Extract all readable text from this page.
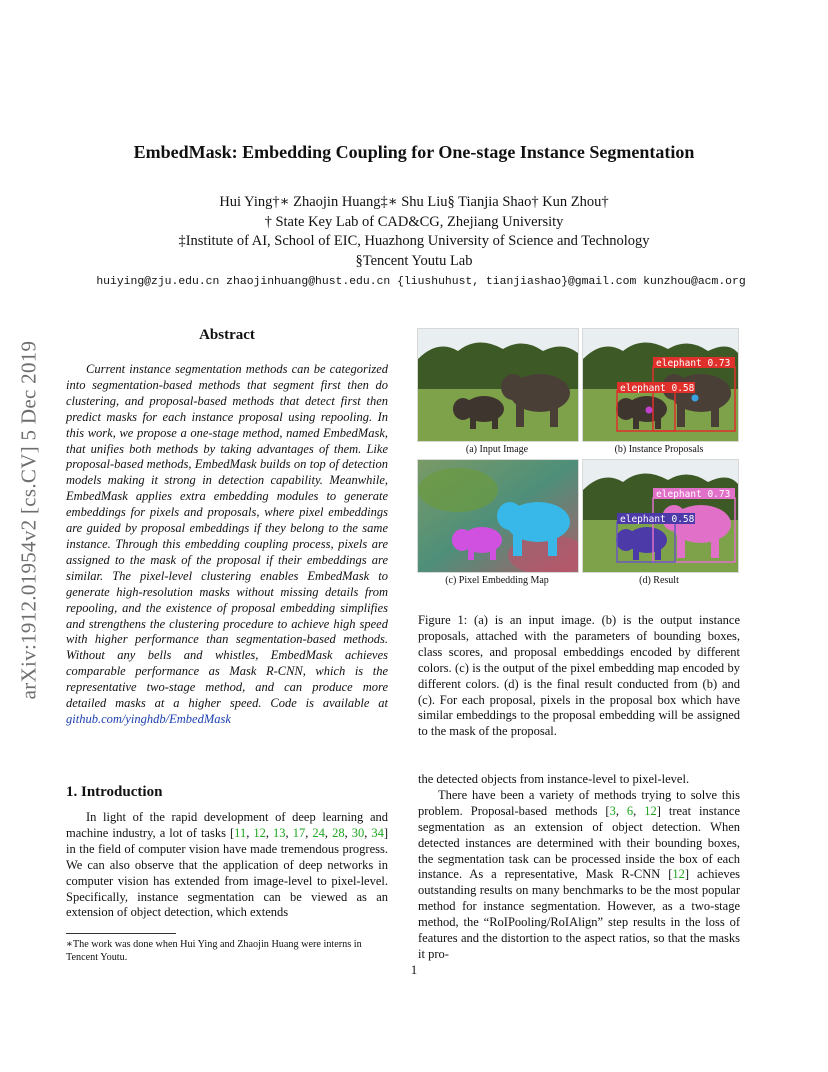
arXiv:1912.01954v2 [cs.CV] 5 Dec 2019
EmbedMask: Embedding Coupling for One-stage Instance Segmentation
Hui Ying†∗ Zhaojin Huang‡∗ Shu Liu§ Tianjia Shao† Kun Zhou†
† State Key Lab of CAD&CG, Zhejiang University
‡Institute of AI, School of EIC, Huazhong University of Science and Technology
§Tencent Youtu Lab
huiying@zju.edu.cn zhaojinhuang@hust.edu.cn {liushuhust, tianjiashao}@gmail.com kunzhou@acm.org
Abstract
Current instance segmentation methods can be categorized into segmentation-based methods that segment first then do clustering, and proposal-based methods that detect first then predict masks for each instance proposal using repooling. In this work, we propose a one-stage method, named EmbedMask, that unifies both methods by taking advantages of them. Like proposal-based methods, EmbedMask builds on top of detection models making it strong in detection capability. Meanwhile, EmbedMask applies extra embedding modules to generate embeddings for pixels and proposals, where pixel embeddings are guided by proposal embeddings if they belong to the same instance. Through this embedding coupling process, pixels are assigned to the mask of the proposal if their embeddings are similar. The pixel-level clustering enables EmbedMask to generate high-resolution masks without missing details from repooling, and the existence of proposal embedding simplifies and strengthens the clustering procedure to achieve high speed with higher performance than segmentation-based methods. Without any bells and whistles, EmbedMask achieves comparable performance as Mask R-CNN, which is the representative two-stage method, and can produce more detailed masks at a higher speed. Code is available at github.com/yinghdb/EmbedMask
1. Introduction
In light of the rapid development of deep learning and machine industry, a lot of tasks [11, 12, 13, 17, 24, 28, 30, 34] in the field of computer vision have made tremendous progress. We can also observe that the application of deep networks in computer vision has extended from image-level to pixel-level. Specifically, instance segmentation can be viewed as an extension of object detection, which extends
∗The work was done when Hui Ying and Zhaojin Huang were interns in Tencent Youtu.
elephant 0.73
elephant 0.58
(a) Input Image	(b) Instance Proposals
elephant 0.73
elephant 0.58
(c) Pixel Embedding Map	(d) Result
Figure 1: (a) is an input image. (b) is the output instance proposals, attached with the parameters of bounding boxes, class scores, and proposal embeddings encoded by different colors. (c) is the output of the pixel embedding map encoded by different colors. (d) is the final result conducted from (b) and (c). For each proposal, pixels in the proposal box which have similar embeddings to the proposal embedding will be assigned to the mask of the proposal.

the detected objects from instance-level to pixel-level.

There have been a variety of methods trying to solve this problem. Proposal-based methods [3, 6, 12] treat instance segmentation as an extension of object detection. When detected instances are determined with their bounding boxes, the segmentation task can be processed inside the box of each instance. As a representative, Mask R-CNN [12] achieves outstanding results on many benchmarks to be the most popular method for instance segmentation. However, as a two-stage method, the “RoIPooling/RoIAlign” step results in the loss of features and the distortion to the aspect ratios, so that the masks it pro-

1
